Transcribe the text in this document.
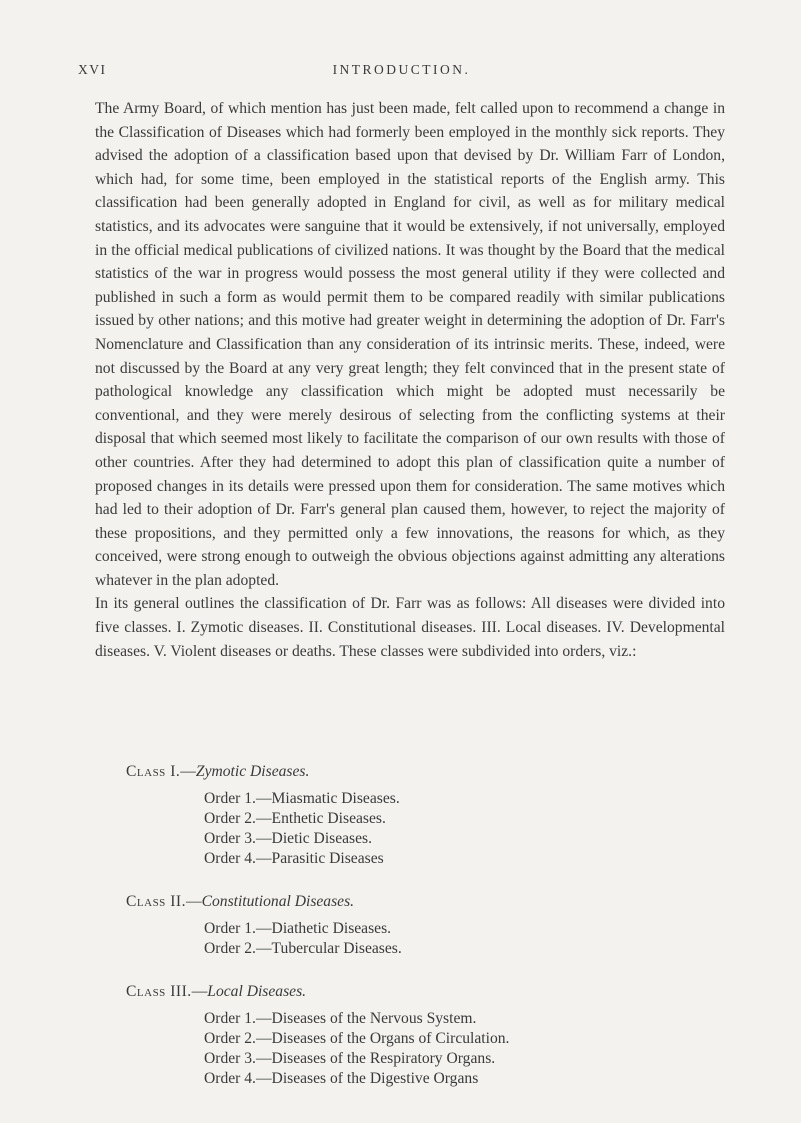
XVI	INTRODUCTION.

The Army Board, of which mention has just been made, felt called upon to recommend a change in the Classification of Diseases which had formerly been employed in the monthly sick reports. They advised the adoption of a classification based upon that devised by Dr. William Farr of London, which had, for some time, been employed in the statistical reports of the English army. This classification had been generally adopted in England for civil, as well as for military medical statistics, and its advocates were sanguine that it would be extensively, if not universally, employed in the official medical publications of civilized nations. It was thought by the Board that the medical statistics of the war in progress would possess the most general utility if they were collected and published in such a form as would permit them to be compared readily with similar publications issued by other nations; and this motive had greater weight in determining the adoption of Dr. Farr's Nomenclature and Classification than any consideration of its intrinsic merits. These, indeed, were not discussed by the Board at any very great length; they felt convinced that in the present state of pathological knowledge any classification which might be adopted must necessarily be conventional, and they were merely desirous of selecting from the conflicting systems at their disposal that which seemed most likely to facilitate the comparison of our own results with those of other countries. After they had determined to adopt this plan of classification quite a number of proposed changes in its details were pressed upon them for consideration. The same motives which had led to their adoption of Dr. Farr's general plan caused them, however, to reject the majority of these propositions, and they permitted only a few innovations, the reasons for which, as they conceived, were strong enough to outweigh the obvious objections against admitting any alterations whatever in the plan adopted.

In its general outlines the classification of Dr. Farr was as follows: All diseases were divided into five classes. I. Zymotic diseases. II. Constitutional diseases. III. Local diseases. IV. Developmental diseases. V. Violent diseases or deaths. These classes were subdivided into orders, viz.:

Class I.—Zymotic Diseases.
Order 1.—Miasmatic Diseases.
Order 2.—Enthetic Diseases.
Order 3.—Dietic Diseases.
Order 4.—Parasitic Diseases
Class II.—Constitutional Diseases.
Order 1.—Diathetic Diseases.
Order 2.—Tubercular Diseases.
Class III.—Local Diseases.
Order 1.—Diseases of the Nervous System.
Order 2.—Diseases of the Organs of Circulation.
Order 3.—Diseases of the Respiratory Organs.
Order 4.—Diseases of the Digestive Organs
